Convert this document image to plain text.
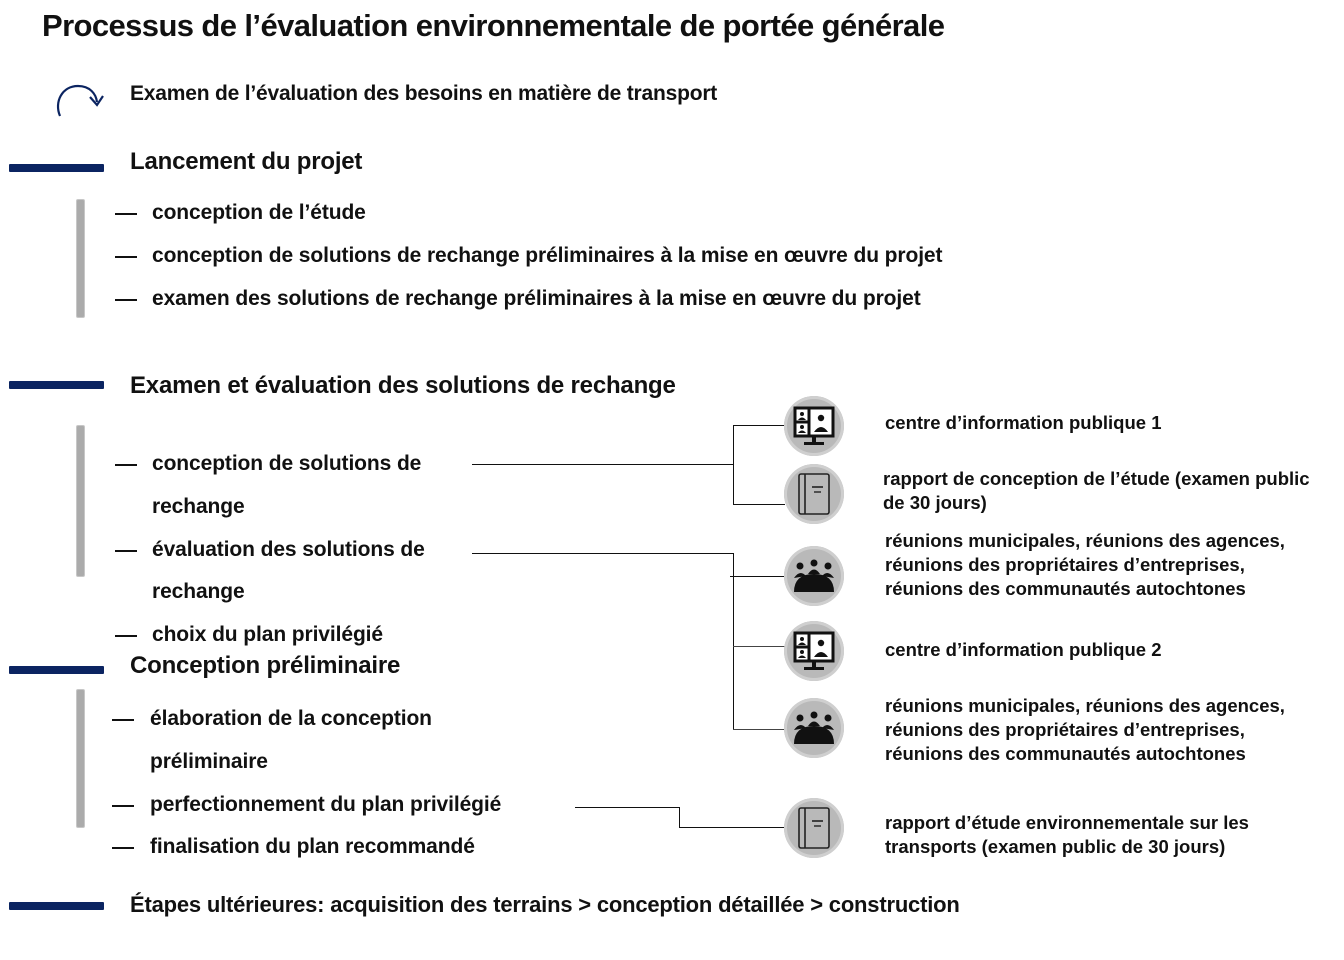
Processus de l’évaluation environnementale de portée générale
Examen de l’évaluation des besoins en matière de transport
Lancement du projet
conception de l’étude
conception de solutions de rechange préliminaires à la mise en œuvre du projet
examen des solutions de rechange préliminaires à la mise en œuvre du projet
Examen et évaluation des solutions de rechange
conception de solutions de
rechange
évaluation des solutions de
rechange
choix du plan privilégié
Conception préliminaire
élaboration de la conception
préliminaire
perfectionnement du plan privilégié
finalisation du plan recommandé
Étapes ultérieures: acquisition des terrains > conception détaillée > construction
centre d’information publique 1
rapport de conception de l’étude (examen public de 30 jours)
réunions municipales, réunions des agences, réunions des propriétaires d’entreprises, réunions des communautés autochtones
centre d’information publique 2
réunions municipales, réunions des agences, réunions des propriétaires d’entreprises, réunions des communautés autochtones
rapport d’étude environnementale sur les transports (examen public de 30 jours)
